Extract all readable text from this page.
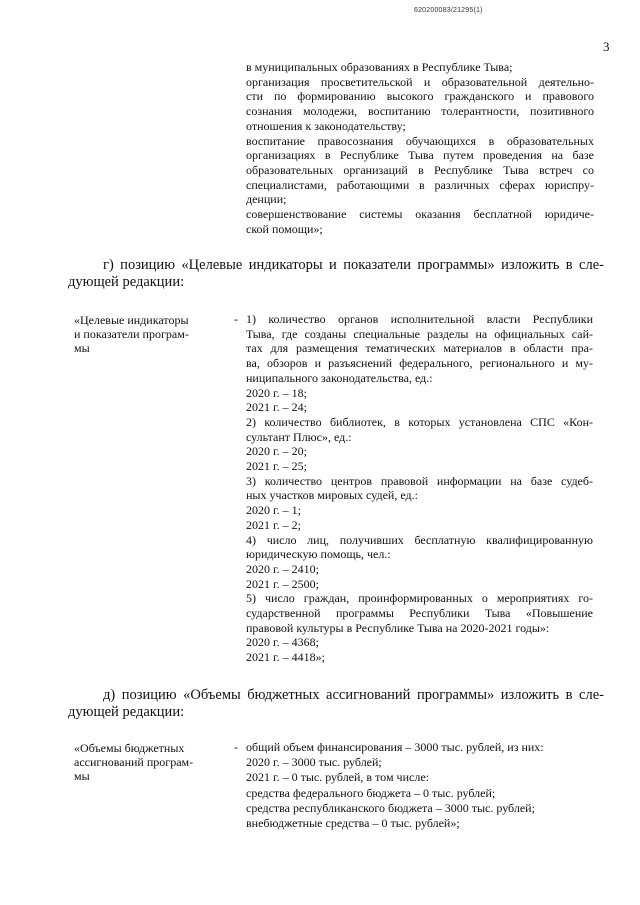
620200083/21295(1)
3
в муниципальных образованиях в Республике Тыва;
организация просветительской и образовательной деятельно-
сти по формированию высокого гражданского и правового
сознания молодежи, воспитанию толерантности, позитивного
отношения к законодательству;
воспитание правосознания обучающихся в образовательных
организациях в Республике Тыва путем проведения на базе
образовательных организаций в Республике Тыва встреч со
специалистами, работающими в различных сферах юриспру-
денции;
совершенствование системы оказания бесплатной юридиче-
ской помощи»;
г) позицию «Целевые индикаторы и показатели программы» изложить в сле-
дующей редакции:
«Целевые индикаторы
и показатели програм-
мы
- 1) количество органов исполнительной власти Республики
Тыва, где созданы специальные разделы на официальных сай-
тах для размещения тематических материалов в области пра-
ва, обзоров и разъяснений федерального, регионального и му-
ниципального законодательства, ед.:
2020 г. – 18;
2021 г. – 24;
2) количество библиотек, в которых установлена СПС «Кон-
сультант Плюс», ед.:
2020 г. – 20;
2021 г. – 25;
3) количество центров правовой информации на базе судеб-
ных участков мировых судей, ед.:
2020 г. – 1;
2021 г. – 2;
4) число лиц, получивших бесплатную квалифицированную
юридическую помощь, чел.:
2020 г. – 2410;
2021 г. – 2500;
5) число граждан, проинформированных о мероприятиях го-
сударственной программы Республики Тыва «Повышение
правовой культуры в Республике Тыва на 2020-2021 годы»:
2020 г. – 4368;
2021 г. – 4418»;
д) позицию «Объемы бюджетных ассигнований программы» изложить в сле-
дующей редакции:
«Объемы бюджетных
ассигнований програм-
мы
- общий объем финансирования – 3000 тыс. рублей, из них:
2020 г. – 3000 тыс. рублей;
2021 г. – 0 тыс. рублей, в том числе:
средства федерального бюджета – 0 тыс. рублей;
средства республиканского бюджета – 3000 тыс. рублей;
внебюджетные средства – 0 тыс. рублей»;
